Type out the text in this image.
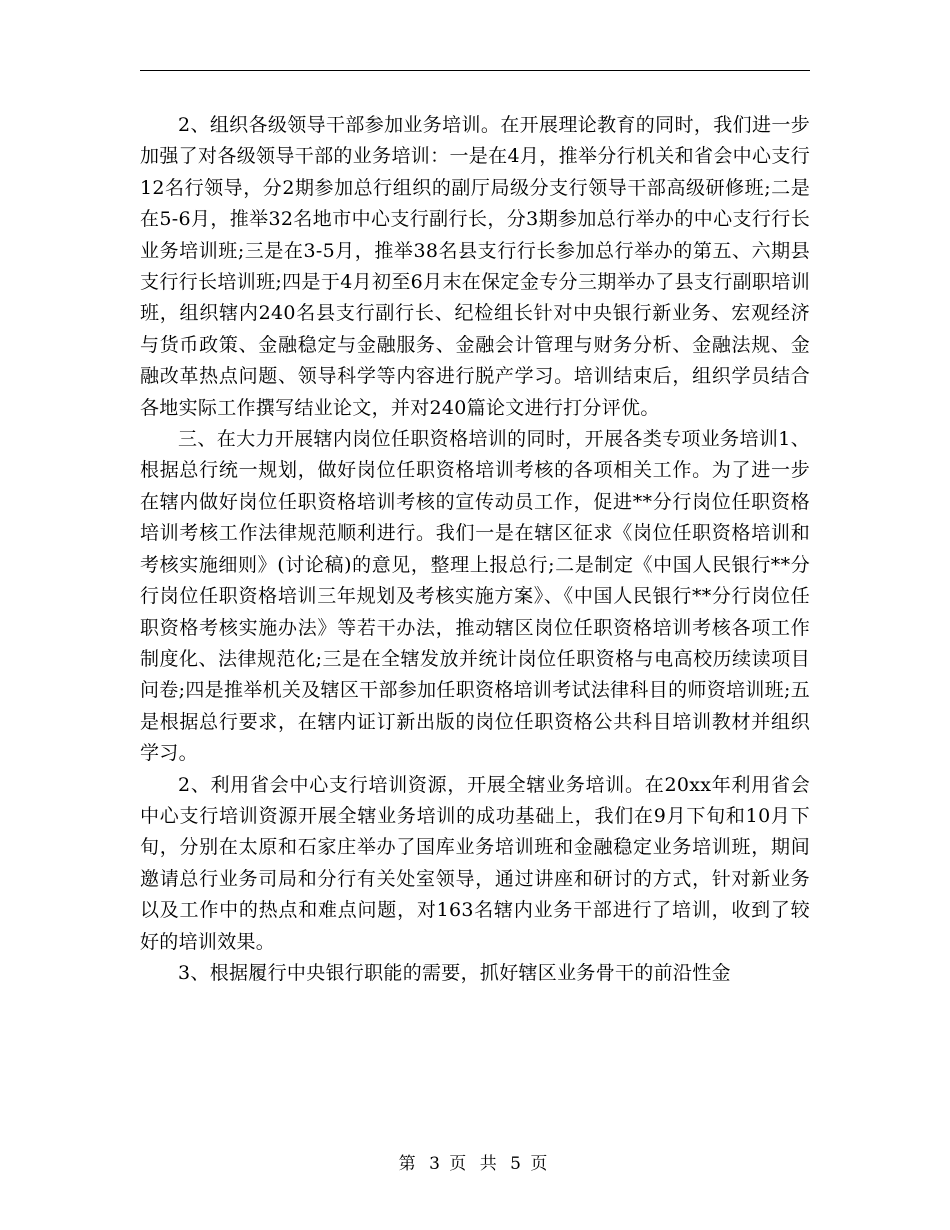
2、组织各级领导干部参加业务培训。在开展理论教育的同时，我们进一步加强了对各级领导干部的业务培训：一是在4月，推举分行机关和省会中心支行12名行领导，分2期参加总行组织的副厅局级分支行领导干部高级研修班;二是在5-6月，推举32名地市中心支行副行长，分3期参加总行举办的中心支行行长业务培训班;三是在3-5月，推举38名县支行行长参加总行举办的第五、六期县支行行长培训班;四是于4月初至6月末在保定金专分三期举办了县支行副职培训班，组织辖内240名县支行副行长、纪检组长针对中央银行新业务、宏观经济与货币政策、金融稳定与金融服务、金融会计管理与财务分析、金融法规、金融改革热点问题、领导科学等内容进行脱产学习。培训结束后，组织学员结合各地实际工作撰写结业论文，并对240篇论文进行打分评优。

三、在大力开展辖内岗位任职资格培训的同时，开展各类专项业务培训1、根据总行统一规划，做好岗位任职资格培训考核的各项相关工作。为了进一步在辖内做好岗位任职资格培训考核的宣传动员工作，促进**分行岗位任职资格培训考核工作法律规范顺利进行。我们一是在辖区征求《岗位任职资格培训和考核实施细则》(讨论稿)的意见，整理上报总行;二是制定《中国人民银行**分行岗位任职资格培训三年规划及考核实施方案》、《中国人民银行**分行岗位任职资格考核实施办法》等若干办法，推动辖区岗位任职资格培训考核各项工作制度化、法律规范化;三是在全辖发放并统计岗位任职资格与电高校历续读项目问卷;四是推举机关及辖区干部参加任职资格培训考试法律科目的师资培训班;五是根据总行要求，在辖内证订新出版的岗位任职资格公共科目培训教材并组织学习。

2、利用省会中心支行培训资源，开展全辖业务培训。在20xx年利用省会中心支行培训资源开展全辖业务培训的成功基础上，我们在9月下旬和10月下旬，分别在太原和石家庄举办了国库业务培训班和金融稳定业务培训班，期间邀请总行业务司局和分行有关处室领导，通过讲座和研讨的方式，针对新业务以及工作中的热点和难点问题，对163名辖内业务干部进行了培训，收到了较好的培训效果。

3、根据履行中央银行职能的需要，抓好辖区业务骨干的前沿性金

第 3 页 共 5 页
